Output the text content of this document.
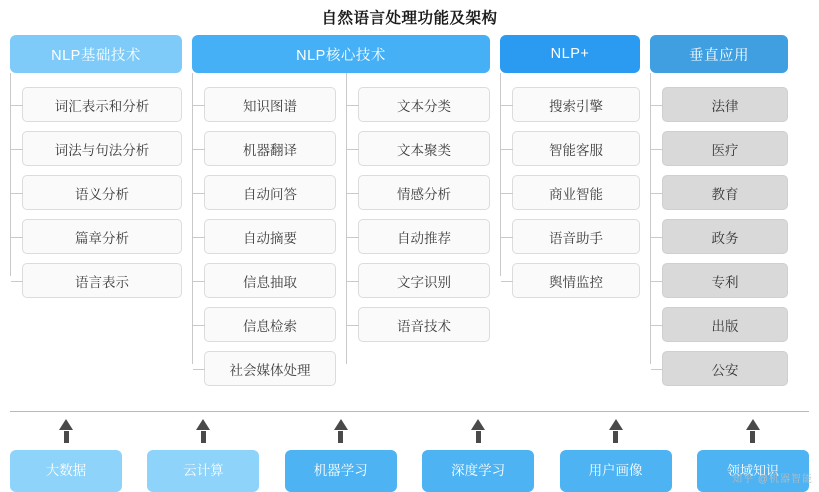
自然语言处理功能及架构
NLP基础技术
词汇表示和分析
词法与句法分析
语义分析
篇章分析
语言表示
NLP核心技术
知识图谱
机器翻译
自动问答
自动摘要
信息抽取
信息检索
社会媒体处理
文本分类
文本聚类
情感分析
自动推荐
文字识别
语音技术
NLP+
搜索引擎
智能客服
商业智能
语音助手
舆情监控
垂直应用
法律
医疗
教育
政务
专利
出版
公安
大数据	云计算	机器学习	深度学习	用户画像	领域知识
知乎 @机器智能
